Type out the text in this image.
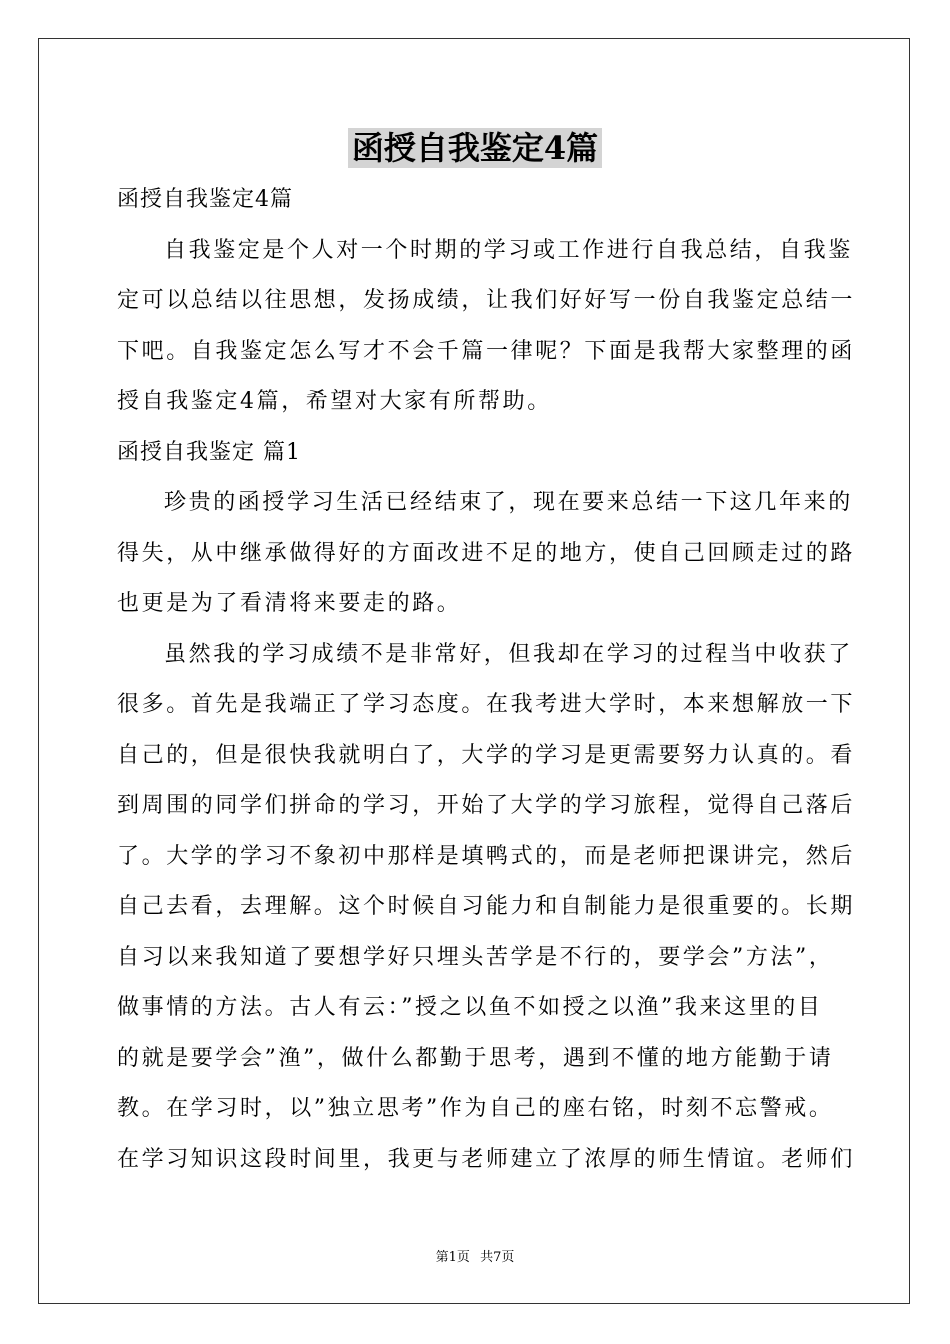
函授自我鉴定4篇
函授自我鉴定4篇
自我鉴定是个人对一个时期的学习或工作进行自我总结，自我鉴
定可以总结以往思想，发扬成绩，让我们好好写一份自我鉴定总结一
下吧。自我鉴定怎么写才不会千篇一律呢？下面是我帮大家整理的函
授自我鉴定4篇，希望对大家有所帮助。
函授自我鉴定 篇1
珍贵的函授学习生活已经结束了，现在要来总结一下这几年来的
得失，从中继承做得好的方面改进不足的地方，使自己回顾走过的路
也更是为了看清将来要走的路。
虽然我的学习成绩不是非常好，但我却在学习的过程当中收获了
很多。首先是我端正了学习态度。在我考进大学时，本来想解放一下
自己的，但是很快我就明白了，大学的学习是更需要努力认真的。看
到周围的同学们拼命的学习，开始了大学的学习旅程，觉得自己落后
了。大学的学习不象初中那样是填鸭式的，而是老师把课讲完，然后
自己去看，去理解。这个时候自习能力和自制能力是很重要的。长期
自习以来我知道了要想学好只埋头苦学是不行的，要学会”方法”，
做事情的方法。古人有云：”授之以鱼不如授之以渔”我来这里的目
的就是要学会”渔”，做什么都勤于思考，遇到不懂的地方能勤于请
教。在学习时，以”独立思考”作为自己的座右铭，时刻不忘警戒。
在学习知识这段时间里，我更与老师建立了浓厚的师生情谊。老师们
第1页 共7页
